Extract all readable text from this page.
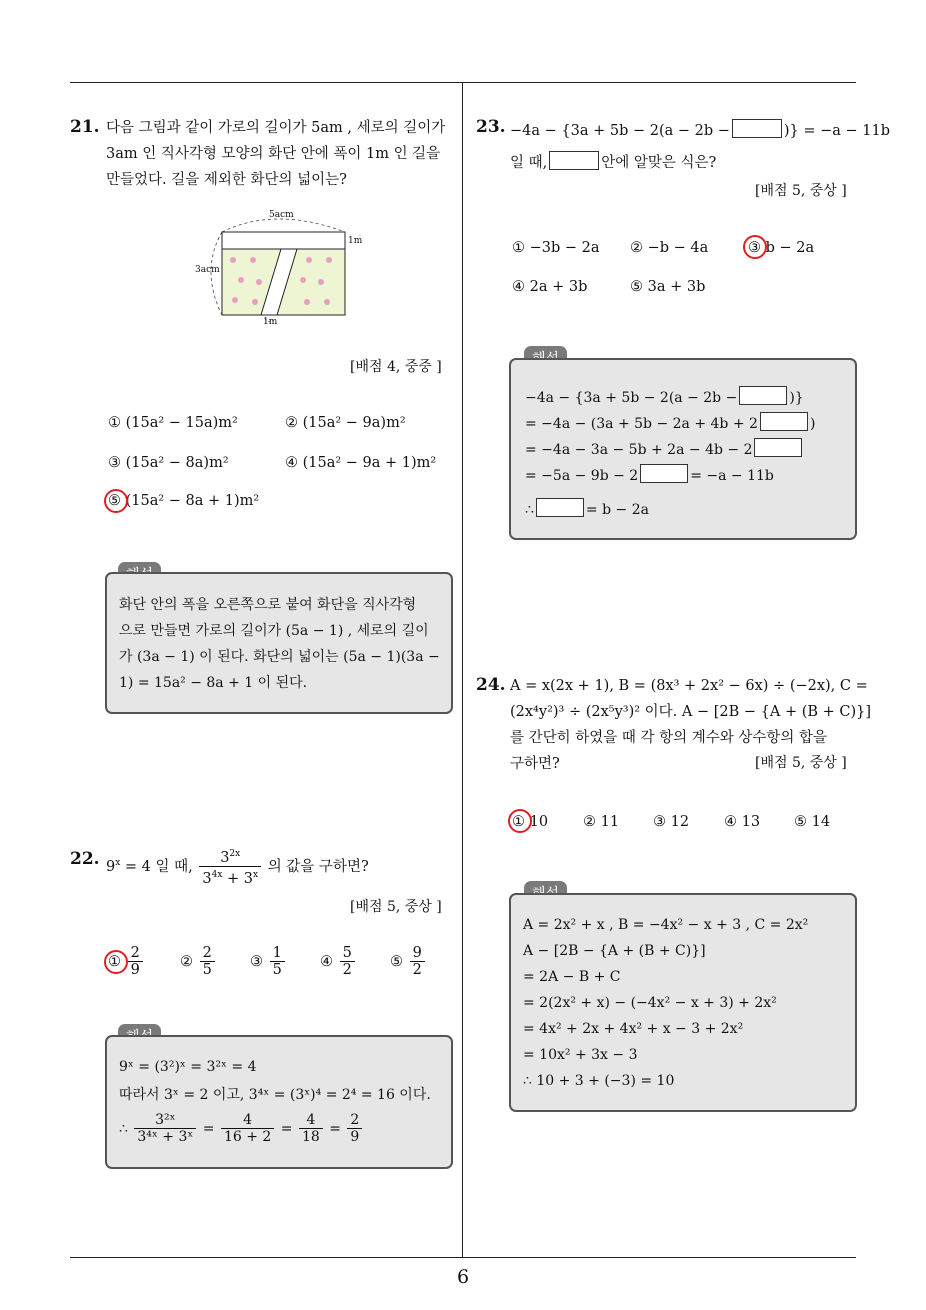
21. 다음 그림과 같이 가로의 길이가 5am , 세로의 길이가
3am 인 직사각형 모양의 화단 안에 폭이 1m 인 길을
만들었다. 길을 제외한 화단의 넓이는?
5acm
3acm
1m
1m
[배점 4, 중중 ]
① (15a² − 15a)m²	② (15a² − 9a)m²
③ (15a² − 8a)m²	④ (15a² − 9a + 1)m²
⑤ (15a² − 8a + 1)m²
화단 안의 폭을 오른쪽으로 붙여 화단을 직사각형
으로 만들면 가로의 길이가 (5a − 1) , 세로의 길이
가 (3a − 1) 이 된다. 화단의 넓이는 (5a − 1)(3a −
1) = 15a² − 8a + 1 이 된다.
22. $9^x = 4$ 일 때, $\frac{3^{2x}}{3^{4x} + 3^x}$ 의 값을 구하면?
[배점 5, 중상 ]
① $\frac{2}{9}$	② $\frac{2}{5}$ ③ $\frac{1}{5}$ ④ $\frac{5}{2}$ ⑤ $\frac{9}{2}$
9ˣ = (3²)ˣ = 3²ˣ = 4
따라서 3ˣ = 2 이고, 3⁴ˣ = (3ˣ)⁴ = 2⁴ = 16 이다.
∴ $\frac{\text{3²ˣ}}{\text{3⁴ˣ + 3ˣ}} = \frac{4}{16 + 2} = \frac{4}{18} = \frac{2}{9}$
23. −4a − {3a + 5b − 2(a − 2b −	)} = −a − 11b
일 때,	안에 알맞은 식은?
[배점 5, 중상 ]
① −3b − 2a ② −b − 4a	③ b − 2a
④ 2a + 3b	⑤ 3a + 3b
−4a − {3a + 5b − 2(a − 2b −	)}
= −4a − (3a + 5b − 2a + 4b + 2	)
= −4a − 3a − 5b + 2a − 4b − 2
= −5a − 9b − 2	= −a − 11b
∴	= b − 2a
24. A = x(2x + 1), B = (8x³ + 2x² − 6x) ÷ (−2x), C =
(2x⁴y²)³ ÷ (2x⁵y³)² 이다. A − [2B − {A + (B + C)}]
를 간단히 하였을 때 각 항의 계수와 상수항의 합을
구하면?	[배점 5, 중상 ]
① 10 ② 11 ③ 12 ④ 13 ⑤ 14
A = 2x² + x , B = −4x² − x + 3 , C = 2x²
A − [2B − {A + (B + C)}]
= 2A − B + C
= 2(2x² + x) − (−4x² − x + 3) + 2x²
= 4x² + 2x + 4x² + x − 3 + 2x²
= 10x² + 3x − 3
∴ 10 + 3 + (−3) = 10
6
